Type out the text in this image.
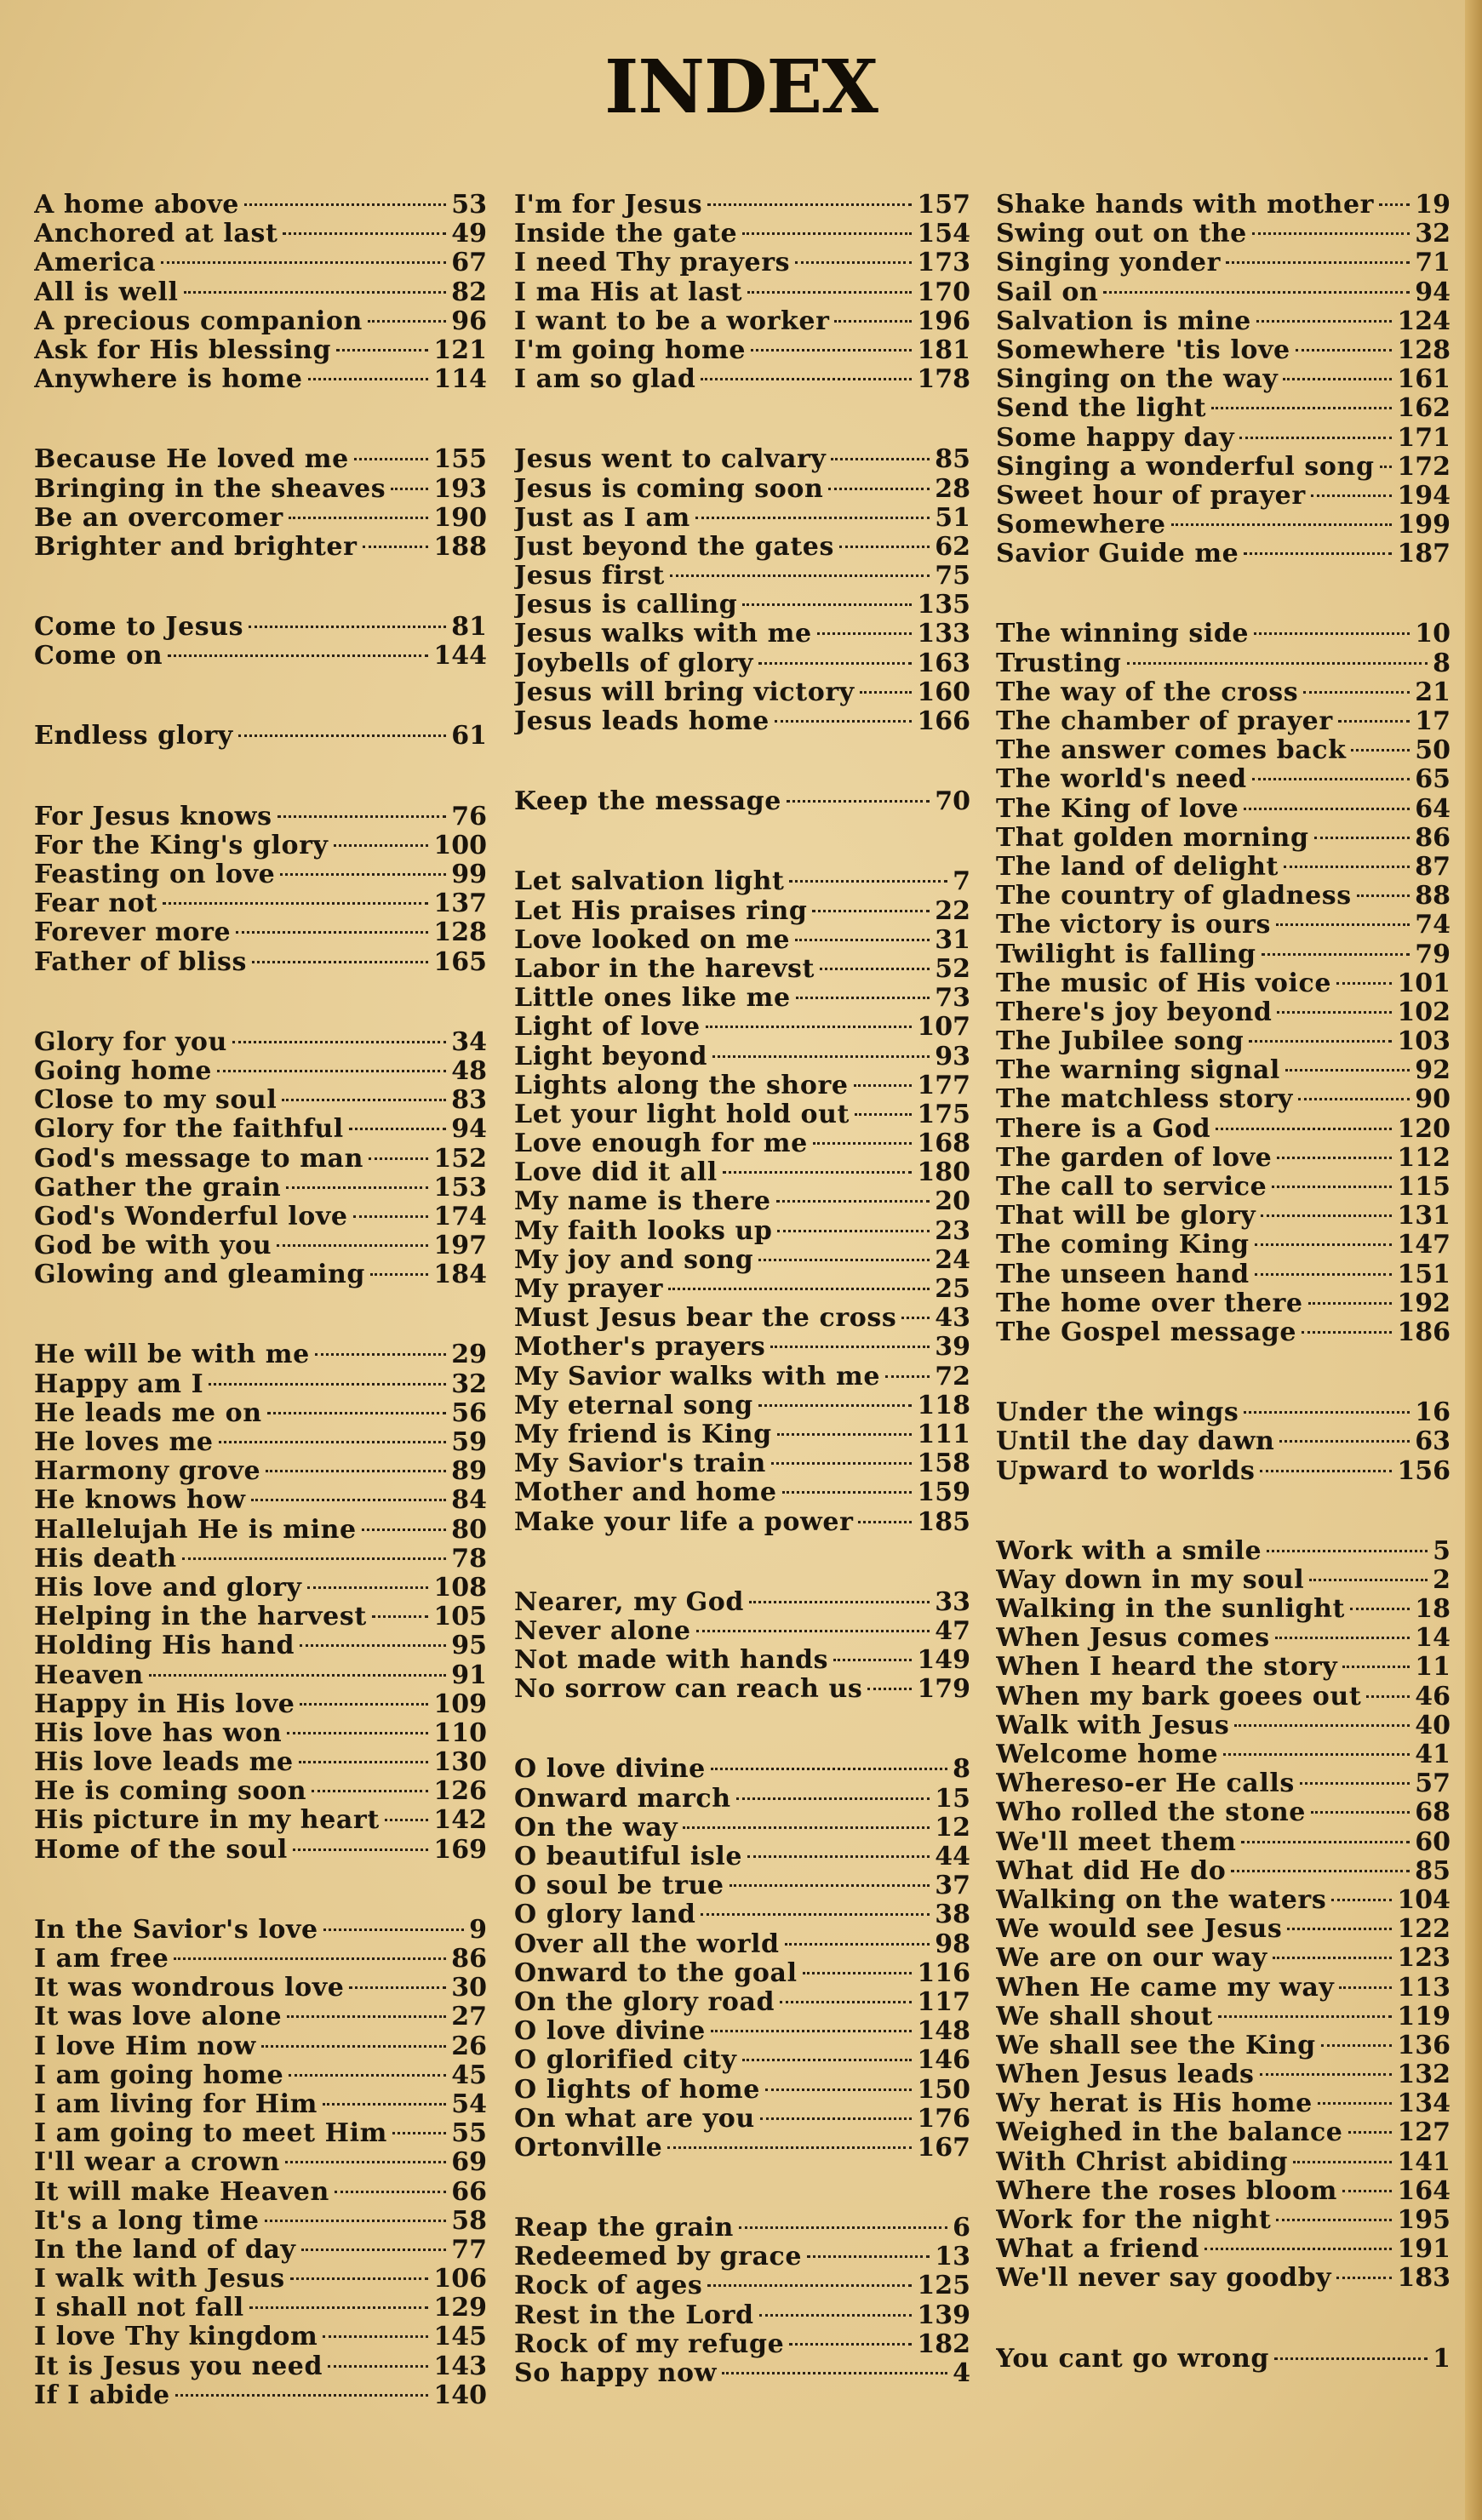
INDEX
A home above	53
Anchored at last	49
America	67
All is well	82
A precious companion	96
Ask for His blessing	121
Anywhere is home	114
Because He loved me	155
Bringing in the sheaves 193
Be an overcomer	190
Brighter and brighter	188
Come to Jesus	81
Come on	144
Endless glory	61
For Jesus knows	76
For the King's glory	100
Feasting on love	99
Fear not	137
Forever more	128
Father of bliss	165
Glory for you	34
Going home	48
Close to my soul	83
Glory for the faithful	94
God's message to man	152
Gather the grain	153
God's Wonderful love	174
God be with you	197
Glowing and gleaming	184
He will be with me	29
Happy am I	32
He leads me on	56
He loves me	59
Harmony grove	89
He knows how	84
Hallelujah He is mine	80
His death	78
His love and glory	108
Helping in the harvest	105
Holding His hand	95
Heaven	91
Happy in His love	109
His love has won	110
His love leads me	130
He is coming soon	126
His picture in my heart 142
Home of the soul	169
In the Savior's love	9
I am free	86
It was wondrous love	30
It was love alone	27
I love Him now	26
I am going home	45
I am living for Him	54
I am going to meet Him	55
I'll wear a crown	69
It will make Heaven	66
It's a long time	58
In the land of day	77
I walk with Jesus	106
I shall not fall	129
I love Thy kingdom	145
It is Jesus you need	143
If I abide	140
I'm for Jesus	157
Inside the gate	154
I need Thy prayers	173
I ma His at last	170
I want to be a worker	196
I'm going home	181
I am so glad	178
Jesus went to calvary	85
Jesus is coming soon	28
Just as I am	51
Just beyond the gates	62
Jesus first	75
Jesus is calling	135
Jesus walks with me	133
Joybells of glory	163
Jesus will bring victory 160
Jesus leads home	166
Keep the message	70
Let salvation light	7
Let His praises ring	22
Love looked on me	31
Labor in the harevst	52
Little ones like me	73
Light of love	107
Light beyond	93
Lights along the shore	177
Let your light hold out	175
Love enough for me	168
Love did it all	180
My name is there	20
My faith looks up	23
My joy and song	24
My prayer	25
Must Jesus bear the cross 43
Mother's prayers	39
My Savior walks with me 72
My eternal song	118
My friend is King	111
My Savior's train	158
Mother and home	159
Make your life a power 185
Nearer, my God	33
Never alone	47
Not made with hands	149
No sorrow can reach us 179
O love divine	8
Onward march	15
On the way	12
O beautiful isle	44
O soul be true	37
O glory land	38
Over all the world	98
Onward to the goal	116
On the glory road	117
O love divine	148
O glorified city	146
O lights of home	150
On what are you	176
Ortonville	167
Reap the grain	6
Redeemed by grace	13
Rock of ages	125
Rest in the Lord	139
Rock of my refuge	182
So happy now	4
Shake hands with mother 19
Swing out on the	32
Singing yonder	71
Sail on	94
Salvation is mine	124
Somewhere 'tis love	128
Singing on the way	161
Send the light	162
Some happy day	171
Singing a wonderful song 172
Sweet hour of prayer	194
Somewhere	199
Savior Guide me	187
The winning side	10
Trusting	8
The way of the cross	21
The chamber of prayer	17
The answer comes back	50
The world's need	65
The King of love	64
That golden morning	86
The land of delight	87
The country of gladness 88
The victory is ours	74
Twilight is falling	79
The music of His voice	101
There's joy beyond	102
The Jubilee song	103
The warning signal	92
The matchless story	90
There is a God	120
The garden of love	112
The call to service	115
That will be glory	131
The coming King	147
The unseen hand	151
The home over there	192
The Gospel message	186
Under the wings	16
Until the day dawn	63
Upward to worlds	156
Work with a smile	5
Way down in my soul	2
Walking in the sunlight	18
When Jesus comes	14
When I heard the story	11
When my bark goees out 46
Walk with Jesus	40
Welcome home	41
Whereso-er He calls	57
Who rolled the stone	68
We'll meet them	60
What did He do	85
Walking on the waters	104
We would see Jesus	122
We are on our way	123
When He came my way 113
We shall shout	119
We shall see the King	136
When Jesus leads	132
Wy herat is His home	134
Weighed in the balance 127
With Christ abiding	141
Where the roses bloom 164
Work for the night	195
What a friend	191
We'll never say goodby	183
You cant go wrong	1
